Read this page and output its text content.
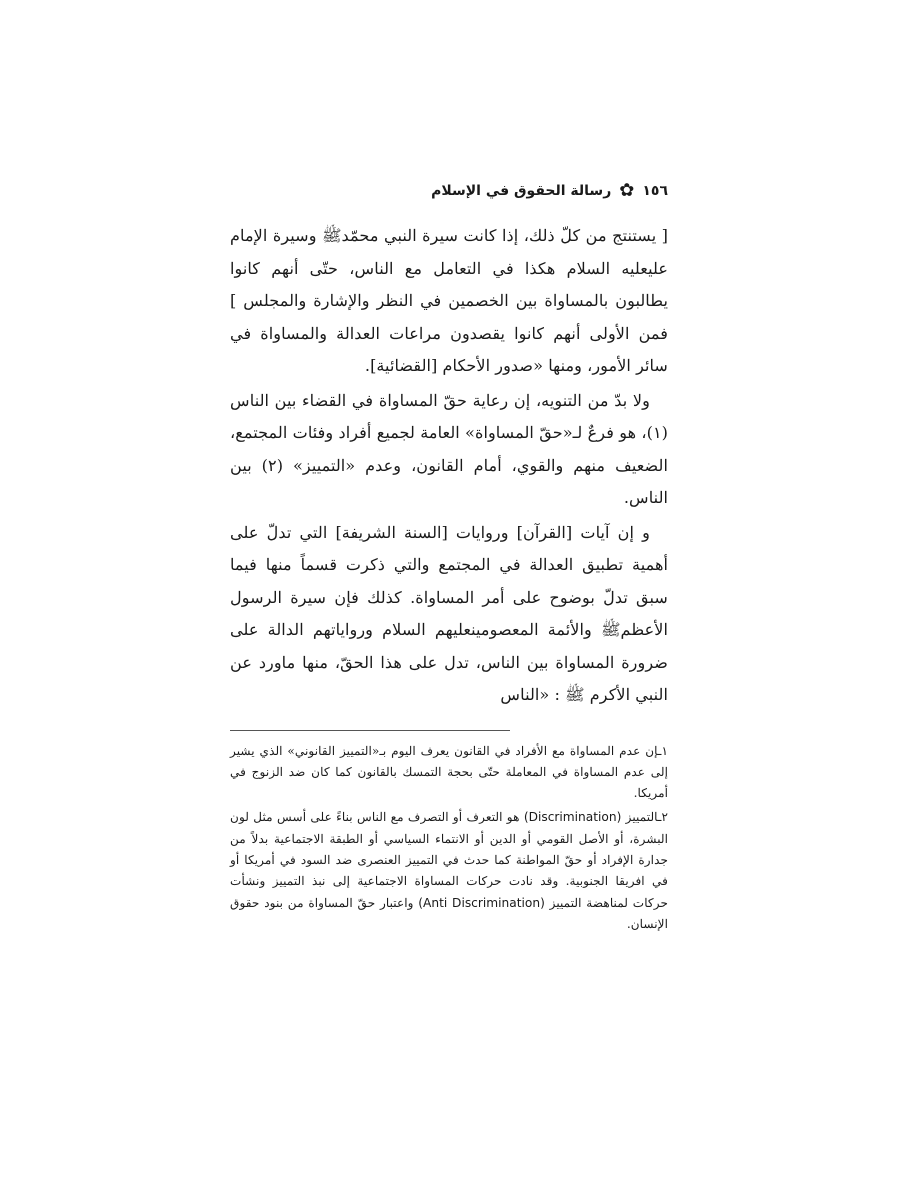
١٥٦
✿
رسالة الحقوق في الإسلام

[ يستنتج من كلّ ذلك، إذا كانت سيرة النبي محمّدﷺ وسيرة الإمام عليعليه السلام هكذا في التعامل مع الناس، حتّى أنهم كانوا يطالبون بالمساواة بين الخصمين في النظر والإشارة والمجلس ] فمن الأولى أنهم كانوا يقصدون مراعات العدالة والمساواة في سائر الأمور، ومنها «صدور الأحكام [القضائية].

ولا بدّ من التنويه، إن رعاية حقّ المساواة في القضاء بين الناس (١)، هو فرعٌ لـ«حقّ المساواة» العامة لجميع أفراد وفئات المجتمع، الضعيف منهم والقوي، أمام القانون، وعدم «التمييز» (٢) بين الناس.

و إن آيات [القرآن] وروايات [السنة الشريفة] التي تدلّ على أهمية تطبيق العدالة في المجتمع والتي ذكرت قسماً منها فيما سبق تدلّ بوضوح على أمر المساواة. كذلك فإن سيرة الرسول الأعظمﷺ والأئمة المعصومينعليهم السلام ورواياتهم الدالة على ضرورة المساواة بين الناس، تدل على هذا الحقّ، منها ماورد عن النبي الأكرم ﷺ : «الناس

١ـإن عدم المساواة مع الأفراد في القانون يعرف اليوم بـ«التمييز القانوني» الذي يشير إلى عدم المساواة في المعاملة حتّى بحجة التمسك بالقانون كما كان ضد الزنوج في أمريكا.

٢ـالتمييز (Discrimination) هو التعرف أو التصرف مع الناس بناءً على أسس مثل لون البشرة، أو الأصل القومي أو الدين أو الانتماء السياسي أو الطبقة الاجتماعية بدلاً من جدارة الإفراد أو حقّ المواطنة كما حدث في التمييز العنصرى ضد السود في أمريكا أو في افريقا الجنوبية. وقد نادت حركات المساواة الاجتماعية إلى نبذ التمييز ونشأت حركات لمناهضة التمييز (Anti Discrimination) واعتبار حقّ المساواة من بنود حقوق الإنسان.
